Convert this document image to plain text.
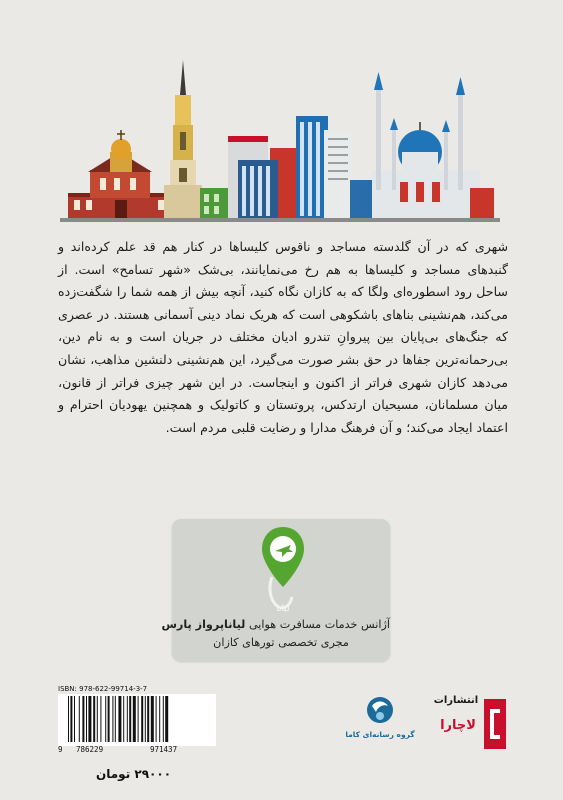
شهری که در آن گلدسته مساجد و ناقوس کلیساها در کنار هم قد علم کرده‌اند و گنبدهای مساجد و کلیساها به هم رخ می‌نمایانند، بی‌شک «شهر تسامح» است. از ساحل رود اسطوره‌ای ولگا که به کازان نگاه کنید، آنچه بیش از همه شما را شگفت‌زده می‌کند، هم‌نشینی بناهای باشکوهی است که هریک نماد دینی آسمانی هستند. در عصری که جنگ‌های بی‌پایان بین پیروانِ تندرو ادیان مختلف در جریان است و به نام دین، بی‌رحمانه‌ترین جفاها در حق بشر صورت می‌گیرد، این هم‌نشینی دلنشین مذاهب، نشان می‌دهد کازان شهری فراتر از اکنون و اینجاست. در این شهر چیزی فراتر از قانون، میان مسلمانان، مسیحیان ارتدکس، پروتستان و کاتولیک و همچنین یهودیان احترام و اعتماد ایجاد می‌کند؛ و آن فرهنگ مدارا و رضایت قلبی مردم است.

لیانا
آژانس خدمات مسافرت هوایی لیاناپرواز پارس
مجری تخصصی تورهای کازان
ISBN: 978-622-99714-3-7
9 786229	971437
۲۹۰۰۰ تومان
گروه رسانه‌ای کاما
انتشارات
لاچارا
